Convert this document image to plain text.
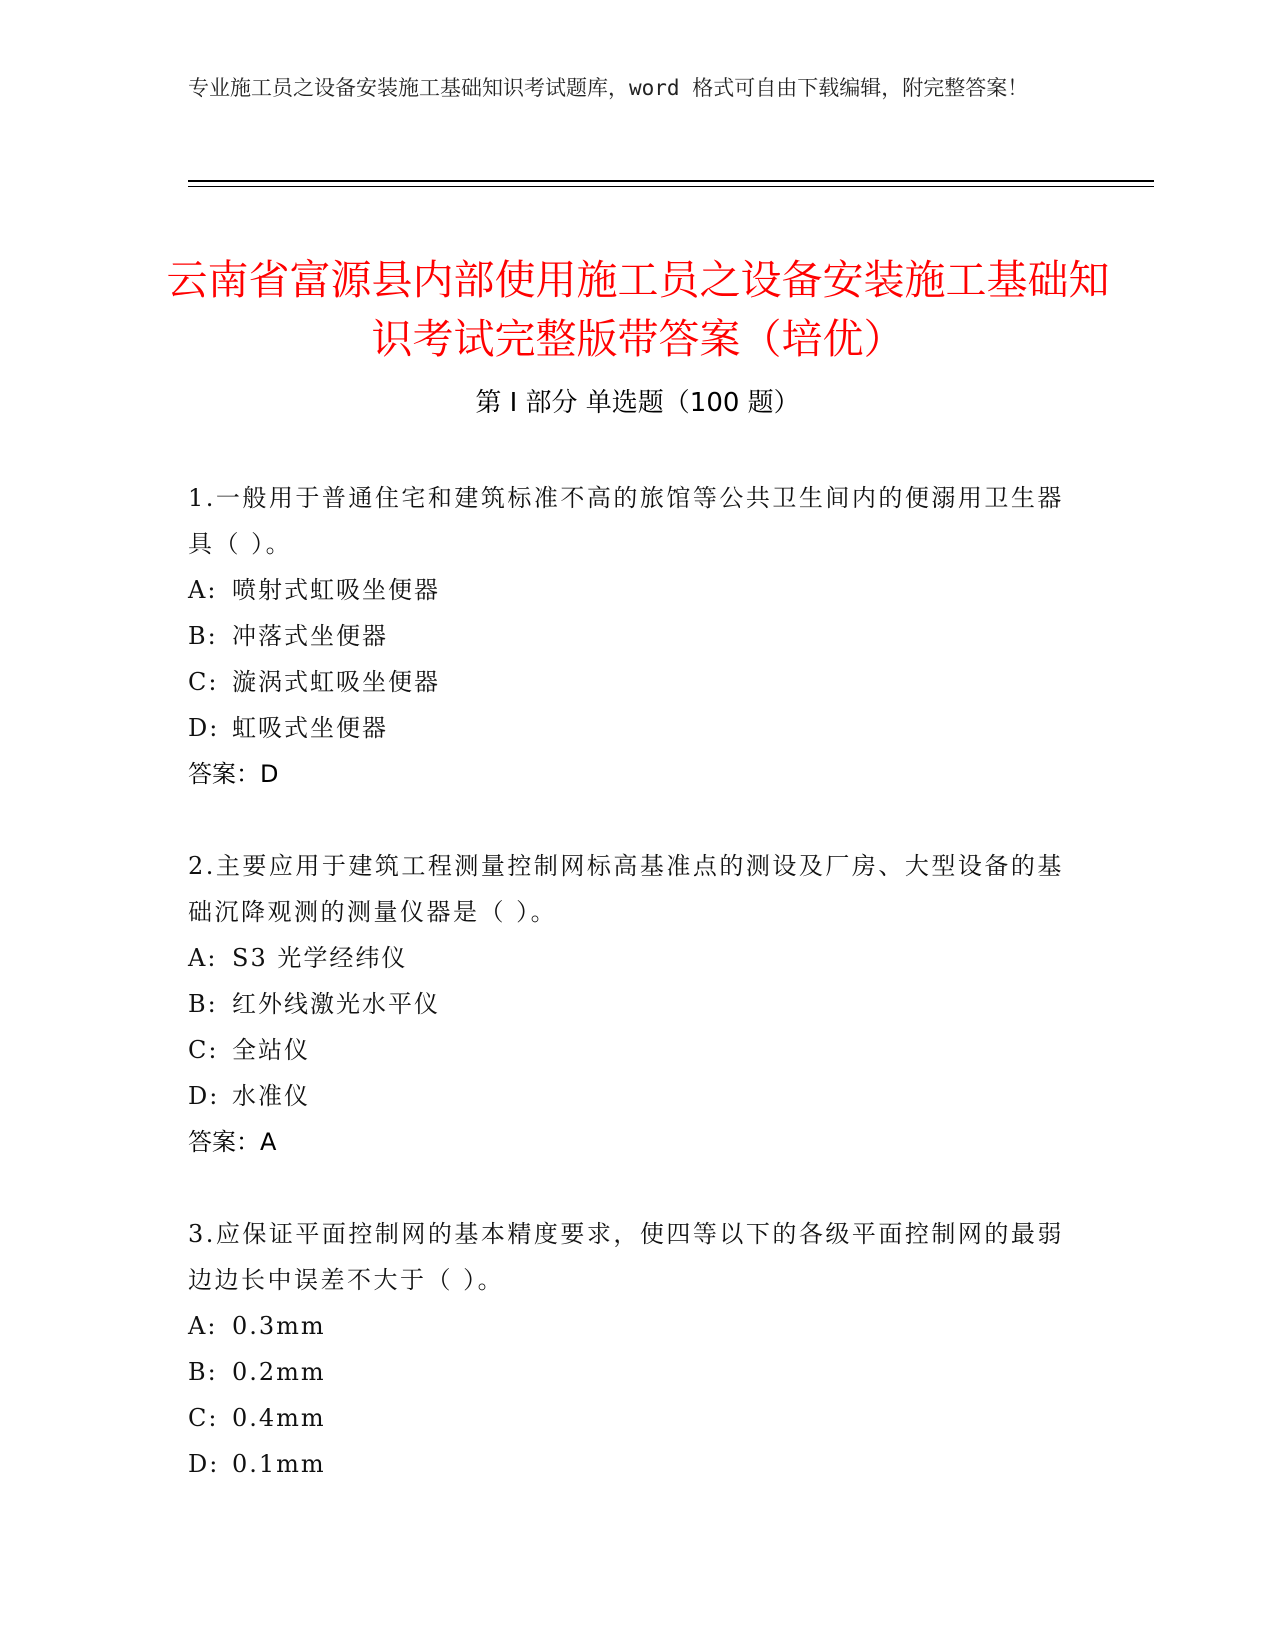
专业施工员之设备安装施工基础知识考试题库，word 格式可自由下载编辑，附完整答案！
云南省富源县内部使用施工员之设备安装施工基础知识考试完整版带答案（培优）
第 I 部分 单选题（100 题）
1.一般用于普通住宅和建筑标准不高的旅馆等公共卫生间内的便溺用卫生器具（ ）。
A: 喷射式虹吸坐便器
B: 冲落式坐便器
C: 漩涡式虹吸坐便器
D: 虹吸式坐便器
答案：D
2.主要应用于建筑工程测量控制网标高基准点的测设及厂房、大型设备的基础沉降观测的测量仪器是（ ）。
A: S3 光学经纬仪
B: 红外线激光水平仪
C: 全站仪
D: 水准仪
答案：A
3.应保证平面控制网的基本精度要求，使四等以下的各级平面控制网的最弱边边长中误差不大于（ ）。
A: 0.3mm
B: 0.2mm
C: 0.4mm
D: 0.1mm
